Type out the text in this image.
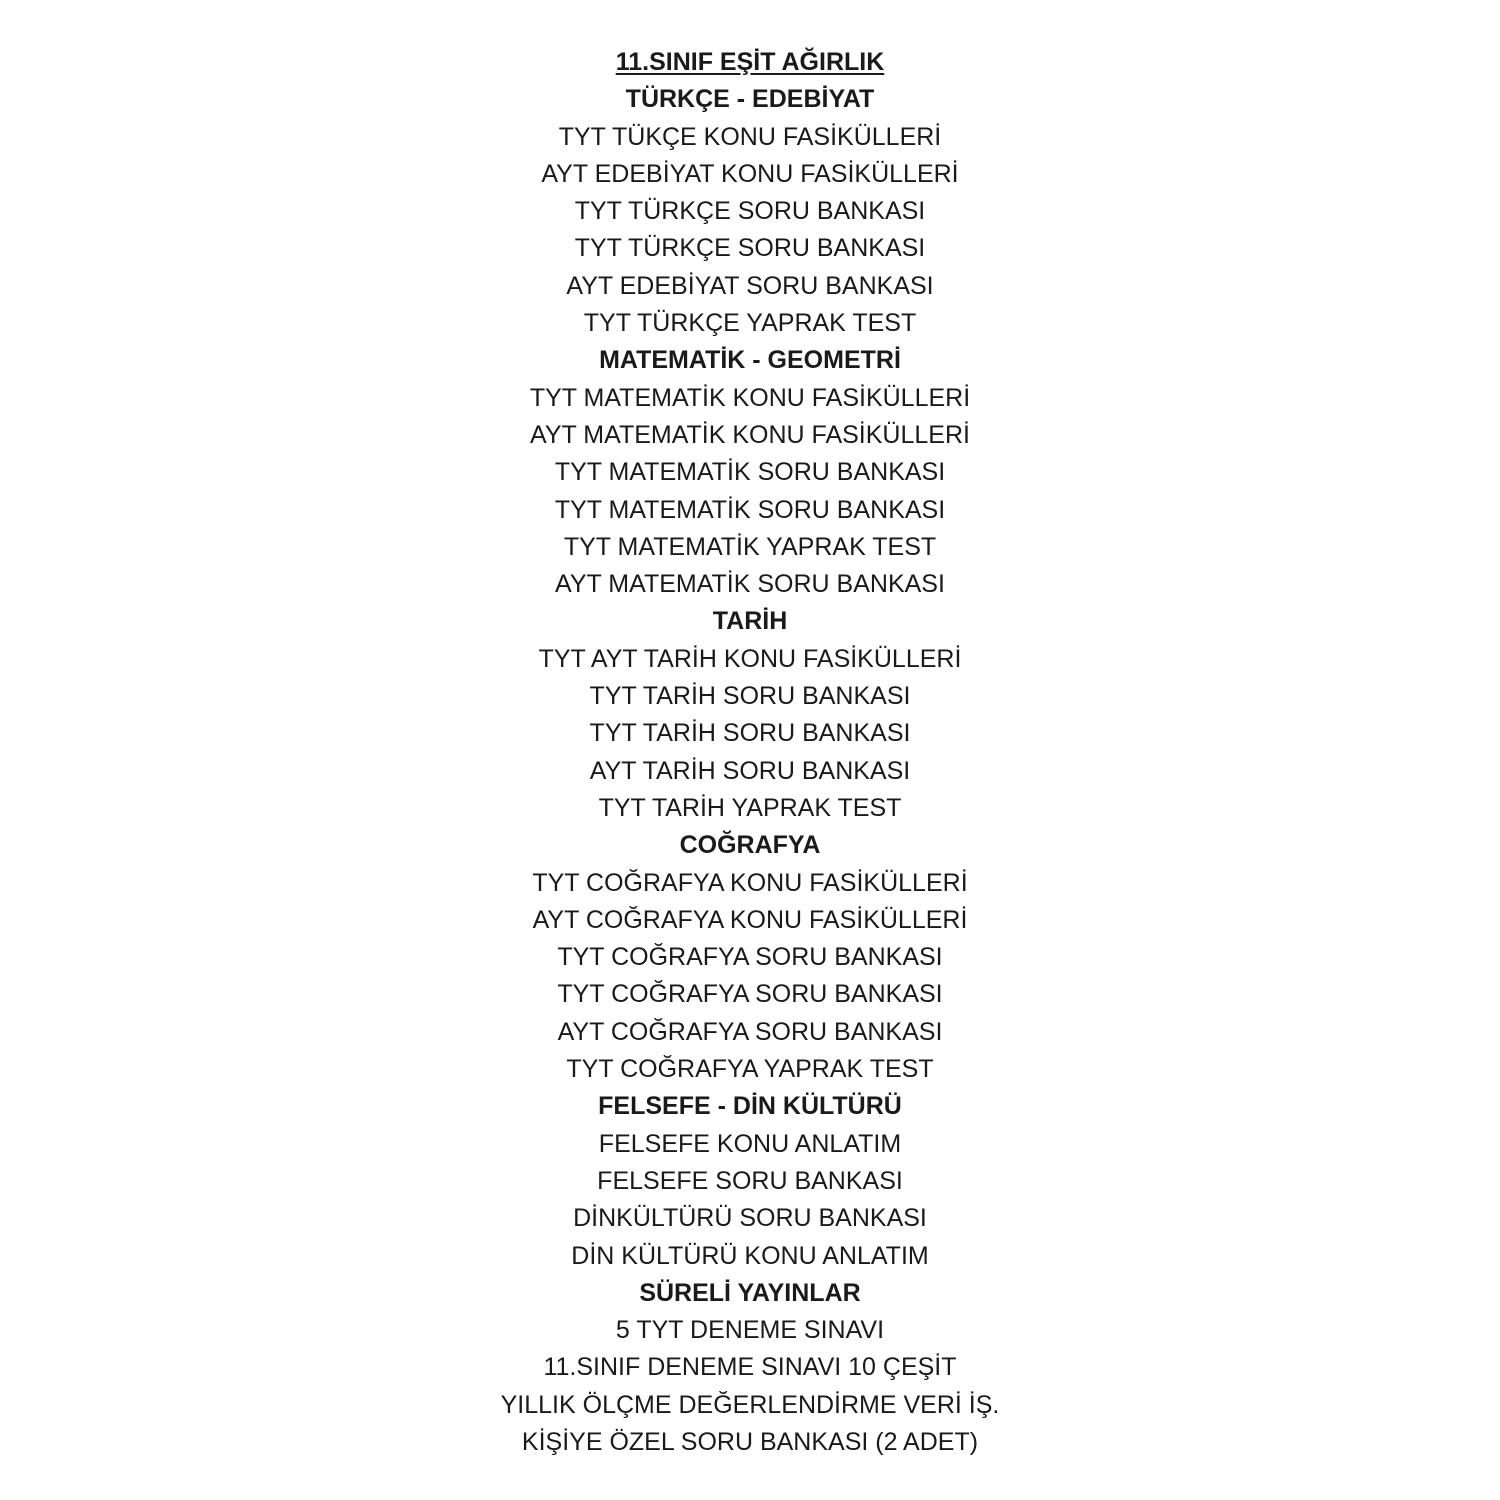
11.SINIF EŞİT AĞIRLIK
TÜRKÇE - EDEBİYAT
TYT TÜKÇE KONU FASİKÜLLERİ
AYT EDEBİYAT KONU FASİKÜLLERİ
TYT TÜRKÇE SORU BANKASI
TYT TÜRKÇE SORU BANKASI
AYT EDEBİYAT SORU BANKASI
TYT TÜRKÇE YAPRAK TEST
MATEMATİK - GEOMETRİ
TYT MATEMATİK KONU FASİKÜLLERİ
AYT MATEMATİK KONU FASİKÜLLERİ
TYT MATEMATİK SORU BANKASI
TYT MATEMATİK SORU BANKASI
TYT MATEMATİK YAPRAK TEST
AYT MATEMATİK SORU BANKASI
TARİH
TYT AYT TARİH KONU FASİKÜLLERİ
TYT TARİH SORU BANKASI
TYT TARİH SORU BANKASI
AYT TARİH SORU BANKASI
TYT TARİH YAPRAK TEST
COĞRAFYA
TYT COĞRAFYA KONU FASİKÜLLERİ
AYT COĞRAFYA KONU FASİKÜLLERİ
TYT COĞRAFYA SORU BANKASI
TYT COĞRAFYA SORU BANKASI
AYT COĞRAFYA SORU BANKASI
TYT COĞRAFYA YAPRAK TEST
FELSEFE - DİN KÜLTÜRÜ
FELSEFE KONU ANLATIM
FELSEFE SORU BANKASI
DİNKÜLTÜRÜ SORU BANKASI
DİN KÜLTÜRÜ KONU ANLATIM
SÜRELİ YAYINLAR
5 TYT DENEME SINAVI
11.SINIF DENEME SINAVI 10 ÇEŞİT
YILLIK ÖLÇME DEĞERLENDİRME VERİ İŞ.
KİŞİYE ÖZEL SORU BANKASI (2 ADET)
